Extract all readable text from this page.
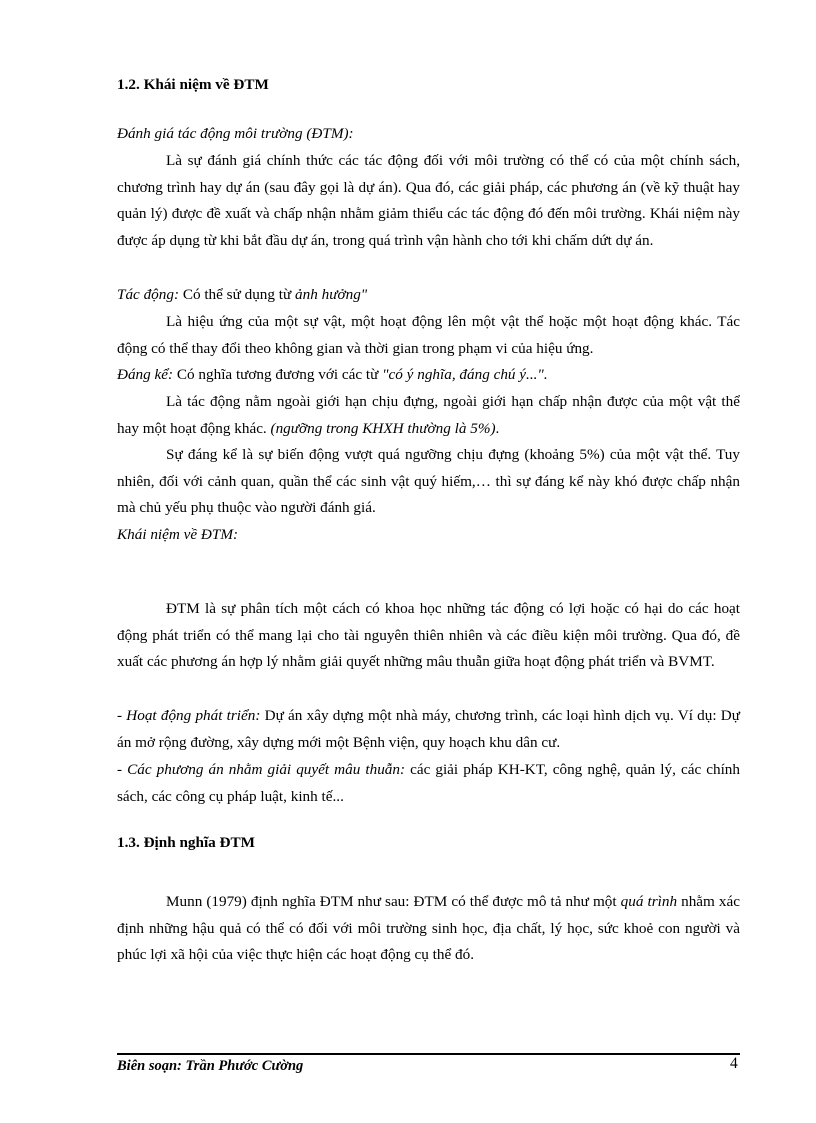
1.2. Khái niệm về ĐTM
Đánh giá tác động môi trường (ĐTM):
Là sự đánh giá chính thức các tác động đối với môi trường có thể có của một chính sách, chương trình hay dự án (sau đây gọi là dự án). Qua đó, các giải pháp, các phương án (về kỹ thuật hay quản lý) được đề xuất và chấp nhận nhằm giảm thiểu các tác động đó đến môi trường. Khái niệm này được áp dụng từ khi bắt đầu dự án, trong quá trình vận hành cho tới khi chấm dứt dự án.
Tác động: Có thể sử dụng từ ảnh hưởng"
Là hiệu ứng của một sự vật, một hoạt động lên một vật thể hoặc một hoạt động khác. Tác động có thể thay đổi theo không gian và thời gian trong phạm vi của hiệu ứng.
Đáng kể: Có nghĩa tương đương với các từ "có ý nghĩa, đáng chú ý...".
Là tác động nằm ngoài giới hạn chịu đựng, ngoài giới hạn chấp nhận được của một vật thể hay một hoạt động khác. (ngưỡng trong KHXH thường là 5%).
Sự đáng kể là sự biến động vượt quá ngưỡng chịu đựng (khoảng 5%) của một vật thể. Tuy nhiên, đối với cảnh quan, quần thể các sinh vật quý hiếm,… thì sự đáng kể này khó được chấp nhận mà chủ yếu phụ thuộc vào người đánh giá.
Khái niệm về ĐTM:
ĐTM là sự phân tích một cách có khoa học những tác động có lợi hoặc có hại do các hoạt động phát triển có thể mang lại cho tài nguyên thiên nhiên và các điều kiện môi trường. Qua đó, đề xuất các phương án hợp lý nhằm giải quyết những mâu thuẫn giữa hoạt động phát triển và BVMT.
- Hoạt động phát triển: Dự án xây dựng một nhà máy, chương trình, các loại hình dịch vụ. Ví dụ: Dự án mở rộng đường, xây dựng mới một Bệnh viện, quy hoạch khu dân cư.
- Các phương án nhằm giải quyết mâu thuẫn: các giải pháp KH-KT, công nghệ, quản lý, các chính sách, các công cụ pháp luật, kinh tế...
1.3. Định nghĩa ĐTM
Munn (1979) định nghĩa ĐTM như sau: ĐTM có thể được mô tả như một quá trình nhằm xác định những hậu quả có thể có đối với môi trường sinh học, địa chất, lý học, sức khoẻ con người và phúc lợi xã hội của việc thực hiện các hoạt động cụ thể đó.
Biên soạn: Trần Phước Cường	4
